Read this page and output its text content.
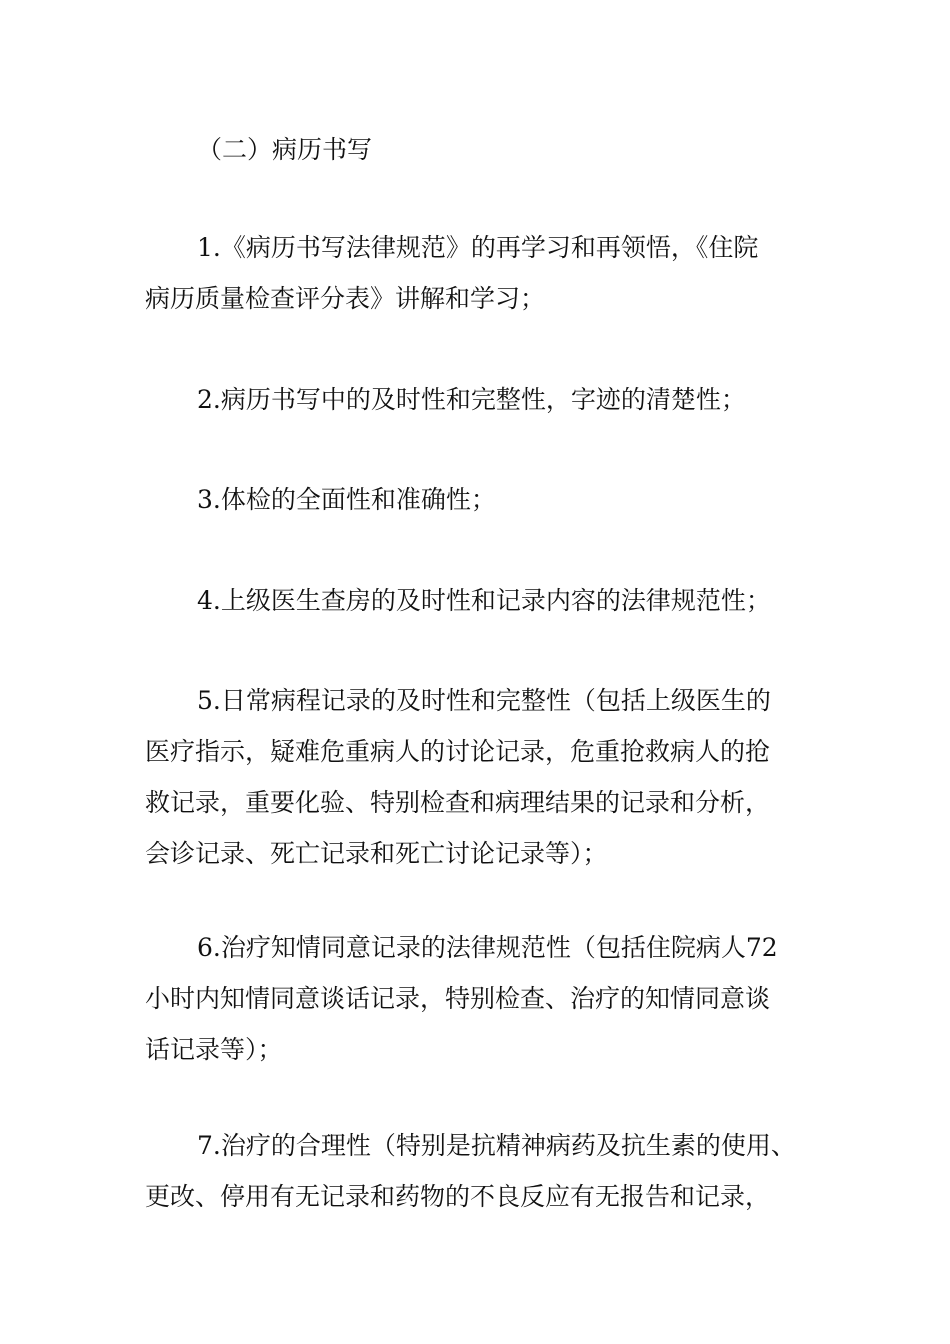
（二）病历书写
1.《病历书写法律规范》的再学习和再领悟，《住院
病历质量检查评分表》讲解和学习；
2.病历书写中的及时性和完整性，字迹的清楚性；
3.体检的全面性和准确性；
4.上级医生查房的及时性和记录内容的法律规范性；
5.日常病程记录的及时性和完整性（包括上级医生的
医疗指示，疑难危重病人的讨论记录，危重抢救病人的抢
救记录，重要化验、特别检查和病理结果的记录和分析，
会诊记录、死亡记录和死亡讨论记录等）；
6.治疗知情同意记录的法律规范性（包括住院病人72
小时内知情同意谈话记录，特别检查、治疗的知情同意谈
话记录等）；
7.治疗的合理性（特别是抗精神病药及抗生素的使用、
更改、停用有无记录和药物的不良反应有无报告和记录，
